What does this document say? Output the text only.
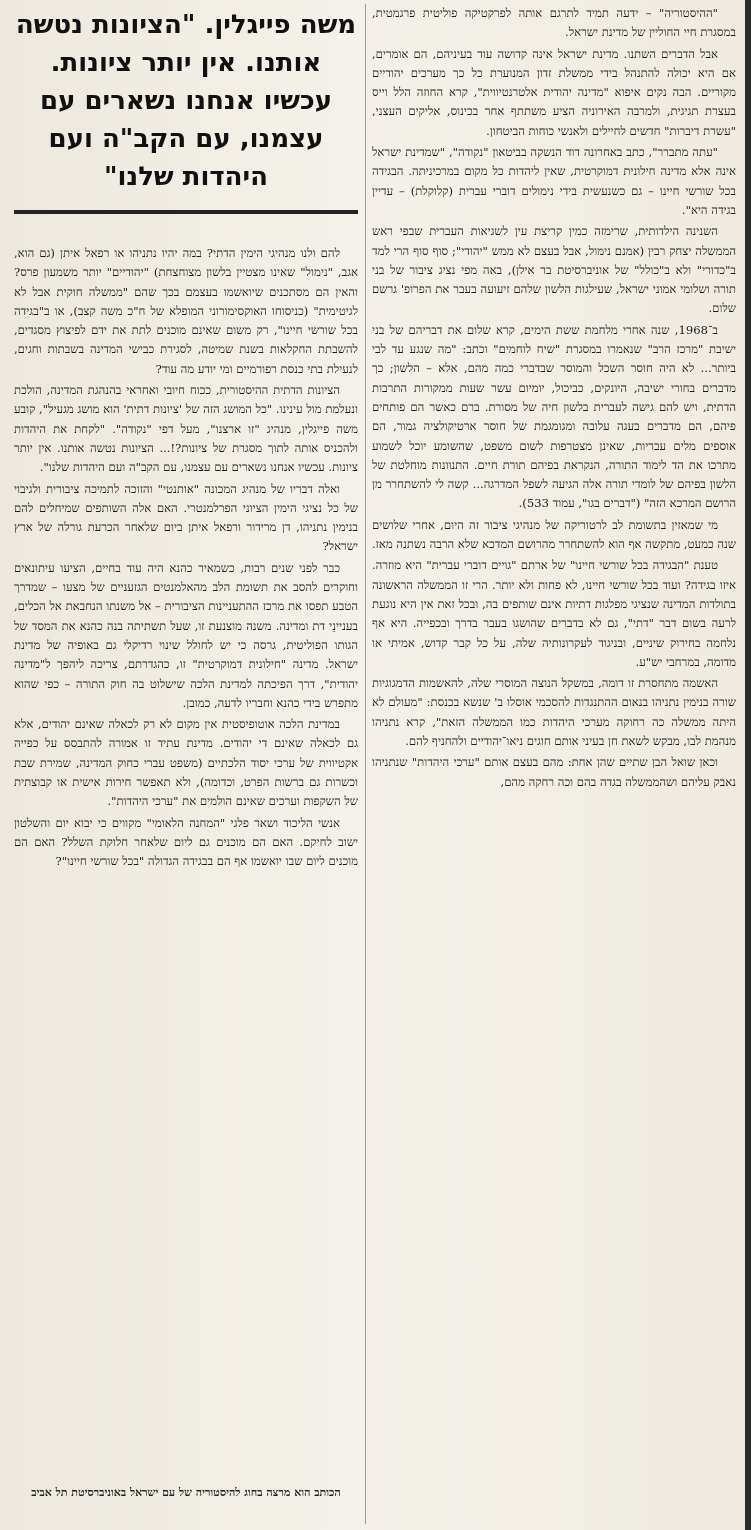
"ההיסטוריה" – ידעה תמיד לתרגם אותה לפרקטיקה פוליטית פרגמטית, במסגרת חיי החוליין של מדינת ישראל.

אבל הדברים השתנו. מדינת ישראל אינה קדושה עוד בעיניהם, הם אומרים, אם היא יכולה להתנהל בידי ממשלת זדון המנוערת כל כך מערכים יהודיים מקוריים. הבה נקים איפוא "מדינה יהודית אלטרנטיווית", קרא החוזה הלל וייס בעצרת תגיגית, ולמרבה האירוניה הציע משתתף אחר בכינוס, אליקים העצני, "עשרת דיברות" חדשים לחיילים ולאנשי כוחות הביטחון.

"עתה מתברר", כתב באחרונה דוד הנשקה בביטאון "נקודה", "שמדינת ישראל אינה אלא מדינה חילונית דמוקרטית, שאין ליהדות כל מקום במרכיניתה. הבגידה בכל שורשי חיינו – גם כשנעשית בידי נימולים דוברי עברית (קלוקלת) – עדיין בגידה היא".

השנינה הילדותית, שרימזה כמין קריצת עין לשגיאות העברית שבפי ראש הממשלה יצחק רבין (אמנם נימול, אבל בעצם לא ממש "יהודי"; סוף סוף הרי למד ב"כדורי" ולא ב"כולל" של אוניברסיטת בר אילן), באה מפי נציג ציבור של בני תורה ושלומי אמוני ישראל, שעילגות הלשון שלהם זיעועה בעבר את הפרופ' גרשם שלום.

ב־1968, שנה אחרי מלחמת ששת הימים, קרא שלום את דבריהם של בני ישיבת "מרכז הרב" שנאמרו במסגרת "שיח לוחמים" וכתב: "מה שנגע עד לבי ביותר... לא היה חוסר השכל והמוסר שבדברי כמה מהם, אלא – הלשון; כך מדברים בחורי ישיבה, היונקים, כביכול, יומיום עשר שעות ממקורות התרבות הדתית, ויש להם גישה לעברית בלשון חיה של מסורת. ברם כאשר הם פותחים פיהם, הם מדברים בעגה עלובה ומגומגמת של חוסר ארטיקולציה גמור, הם אוספים מלים עבריות, שאינן מצטרפות לשום משפט, שהשומע יוכל לשמוע מתרכו את הד לימוד התורה, הנקראת בפיהם תורת חיים. התנוונות מוחלטת של הלשון בפיהם של לומדי תורה אלה הגיעה לשפל המדרגה... קשה לי להשתחרר מן הרושם המרכא הזה" ("דברים בגו", עמוד 533).

מי שמאזין בתשומת לב לרטוריקה של מנהיגי ציבור זה היום, אחרי שלושים שנה כמעט, מתקשה אף הוא להשתחרר מהרושם המדכא שלא הרבה נשתנה מאז.

טענת "הבגידה בכל שורשי חיינו" של ארתם "גויים דוברי עברית" היא מוזרה. איזו בגידה? ועוד בכל שורשי חיינו, לא פחות ולא יותר. הרי זו הממשלה הראשונה בתולדות המדינה שנציגי מפלגות דתיות אינם שותפים בה, ובכל זאת אין היא נוגעת לרעה בשום דבר "דתי", גם לא בדברים שהושגו בעבר בדרך ובכפייה. היא אף נלחמה בחירוק שיניים, ובניגוד לעקרונותיה שלה, על כל קבר קדוש, אמיתי או מדומה, במרחבי יש"ע.

האשמה מתחסרת זו דומה, במשקל הנוצה המוסרי שלה, להאשמות הדמגוגיות שורה בנימין נתניהו בנאום ההתנגדות להסכמי אוסלו ב' שנשא בכנסת: "מעולם לא היתה ממשלה כה רחוקה מערכי היהדות כמו הממשלה הזאת", קרא נתניהו מנהמת לבו, מבקש לשאת חן בעיני אותם חוגים ניאו־יהודיים ולהחניף להם.

וכאן שואל הבן שתיים שהן אחת: מהם בעצם אותם "ערכי היהדות" שנתניהו נאבק עליהם ושהממשלה בגדה בהם וכה רחקה מהם,

משה פייגלין. "הציונות נטשה אותנו. אין יותר ציונות. עכשיו אנחנו נשארים עם עצמנו, עם הקב"ה ועם היהדות שלנו"

להם ולנו מנהיגי הימין הדתי? במה יהיו נתניהו או רפאל איתן (גם הוא, אגב, "נימול" שאינו מצטיין בלשון מצוחצחת) "יהודיים" יותר משמעון פרס? והאין הם מסתכנים שיואשמו בעצמם בכך שהם "ממשלה חוקית אבל לא לגיטימית" (כניסוחו האוקסימורוני המופלא של ח"כ משה קצב), או ב"בגידה בכל שורשי חיינו", רק משום שאינם מוכנים לתת את ידם לפיצוץ מסגדים, להשבתת החקלאות בשנת שמיטה, לסגירת כבישי המדינה בשבתות וחגים, לנעילת בתי כנסת רפורמיים ומי יודע מה עוד?

הציונות הדתית ההיסטורית, ככוח חיובי ואחראי בהנהגת המדינה, הולכת ונעלמת מול עינינו. "כל המושג הזה של 'ציונות דתית' הוא מושג מגעיל", קובע משה פייגלין, מנהיג "זו ארצנו", מעל דפי "נקודה". "לקחת את היהדות ולהכניס אותה לתוך מסגרת של ציונות?!... הציונות נטשה אותנו. אין יותר ציונות. עכשיו אנחנו נשארים עם עצמנו, עם הקב"ה ועם היהדות שלנו".

ואלה דבריו של מנהיג המכונה "אותנטי" והזוכה לתמיכה ציבורית ולגיבוי של כל נציגי הימין הציוני הפרלמנטרי. האם אלה השותפים שמיחלים להם בנימין נתניהו, דן מרידור ורפאל איתן ביום שלאחר הכרעת גורלה של ארץ ישראל?

כבר לפני שנים רבות, כשמאיר כהנא היה עוד בחיים, הציעו עיתונאים וחוקרים להסב את תשומת הלב מהאלמנטים הגזעניים של מצעו – שמדרך הטבע תפסו את מרכז ההתעניינות הציבורית – אל משנתו הנחבאת אל הכלים, בעניינֵי דת ומדינה. משנה מוצנעת זו, שעל תשתיתה בנה כהנא את המסד של הגותו הפוליטית, גרסה כי יש לחולל שינוי רדיקלי גם באופיה של מדינת ישראל. מדינה "חילונית דמוקרטית" זו, כהגדרתם, צריכה ליהפך ל"מדינה יהודית", דרך הפיכתה למדינת הלכה שישלוט בה חוק התורה – כפי שהוא מתפרש בידי כהנא וחבריו לדעה, כמובן.

במדינת הלכה אוטופיסטית אין מקום לא רק לכאלה שאינם יהודים, אלא גם לכאלה שאינם די יהודים. מדינת עתיד זו אמורה להתבסס על כפייה אקטיווית של ערכי יסוד הלכתיים (משפט עברי כחוק המדינה, שמירת שבת וכשרות גם ברשות הפרט, וכדומה), ולא תאפשר חירות אישית או קבוצתית של השקפות וערכים שאינם הולמים את "ערכי היהדות".

אנשי הליכוד ושאר פלגי "המחנה הלאומי" מקווים כי יבוא יום והשלטון ישוב לחיקם. האם הם מוכנים גם ליום שלאחר חלוקת השלל? האם הם מוכנים ליום שבו יואשמו אף הם בבגידה הגדולה "בכל שורשי חיינו"?

הכותב הוא מרצה בחוג להיסטוריה של עם ישראל באוניברסיטת תל אביב
